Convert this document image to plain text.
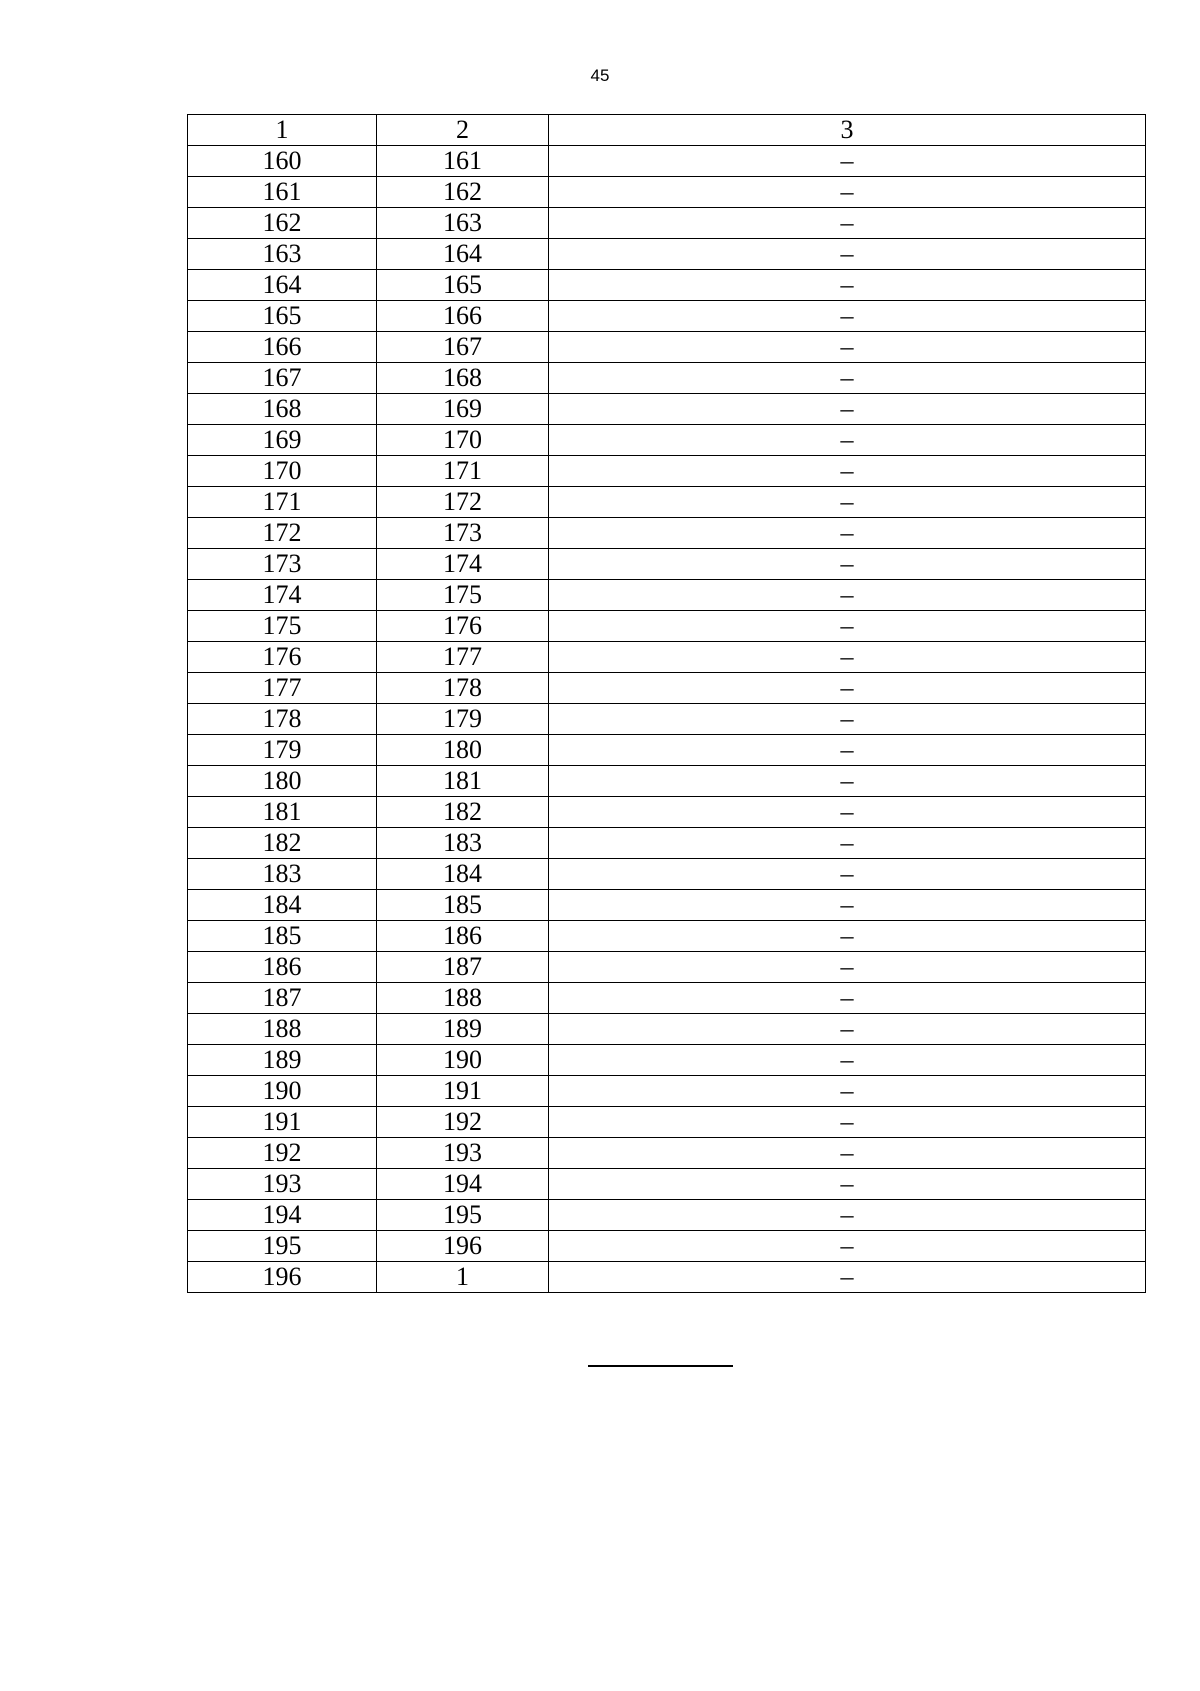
45
1	2	3
160	161	–
161	162	–
162	163	–
163	164	–
164	165	–
165	166	–
166	167	–
167	168	–
168	169	–
169	170	–
170	171	–
171	172	–
172	173	–
173	174	–
174	175	–
175	176	–
176	177	–
177	178	–
178	179	–
179	180	–
180	181	–
181	182	–
182	183	–
183	184	–
184	185	–
185	186	–
186	187	–
187	188	–
188	189	–
189	190	–
190	191	–
191	192	–
192	193	–
193	194	–
194	195	–
195	196	–
196	1	–
